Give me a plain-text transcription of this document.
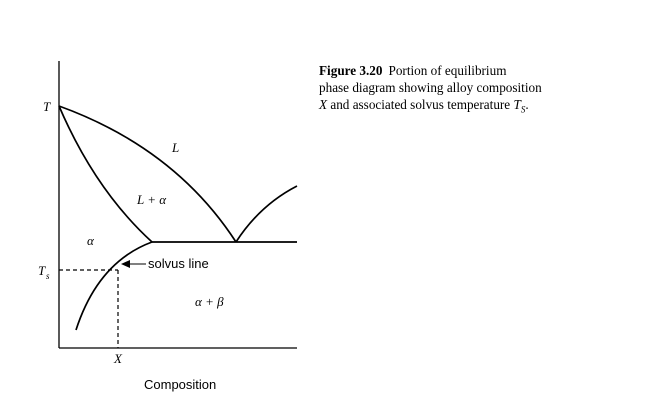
T
T s
X
Composition
L
L + α
α
α + β
solvus line
Figure 3.20 Portion of equilibrium
phase diagram showing alloy composition
X and associated solvus temperature $T_S$.
